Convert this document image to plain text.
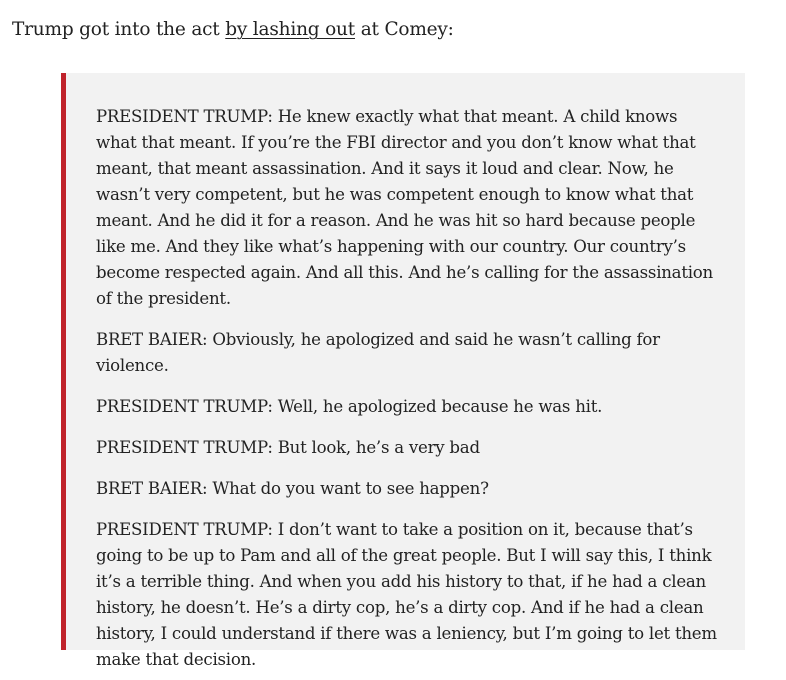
Trump got into the act by lashing out at Comey:

PRESIDENT TRUMP: He knew exactly what that meant. A child knows what that meant. If you’re the FBI director and you don’t know what that meant, that meant assassination. And it says it loud and clear. Now, he wasn’t very competent, but he was competent enough to know what that meant. And he did it for a reason. And he was hit so hard because people like me. And they like what’s happening with our country. Our country’s become respected again. And all this. And he’s calling for the assassination of the president.

BRET BAIER: Obviously, he apologized and said he wasn’t calling for violence.

PRESIDENT TRUMP: Well, he apologized because he was hit.

PRESIDENT TRUMP: But look, he’s a very bad

BRET BAIER: What do you want to see happen?

PRESIDENT TRUMP: I don’t want to take a position on it, because that’s going to be up to Pam and all of the great people. But I will say this, I think it’s a terrible thing. And when you add his history to that, if he had a clean history, he doesn’t. He’s a dirty cop, he’s a dirty cop. And if he had a clean history, I could understand if there was a leniency, but I’m going to let them make that decision.
